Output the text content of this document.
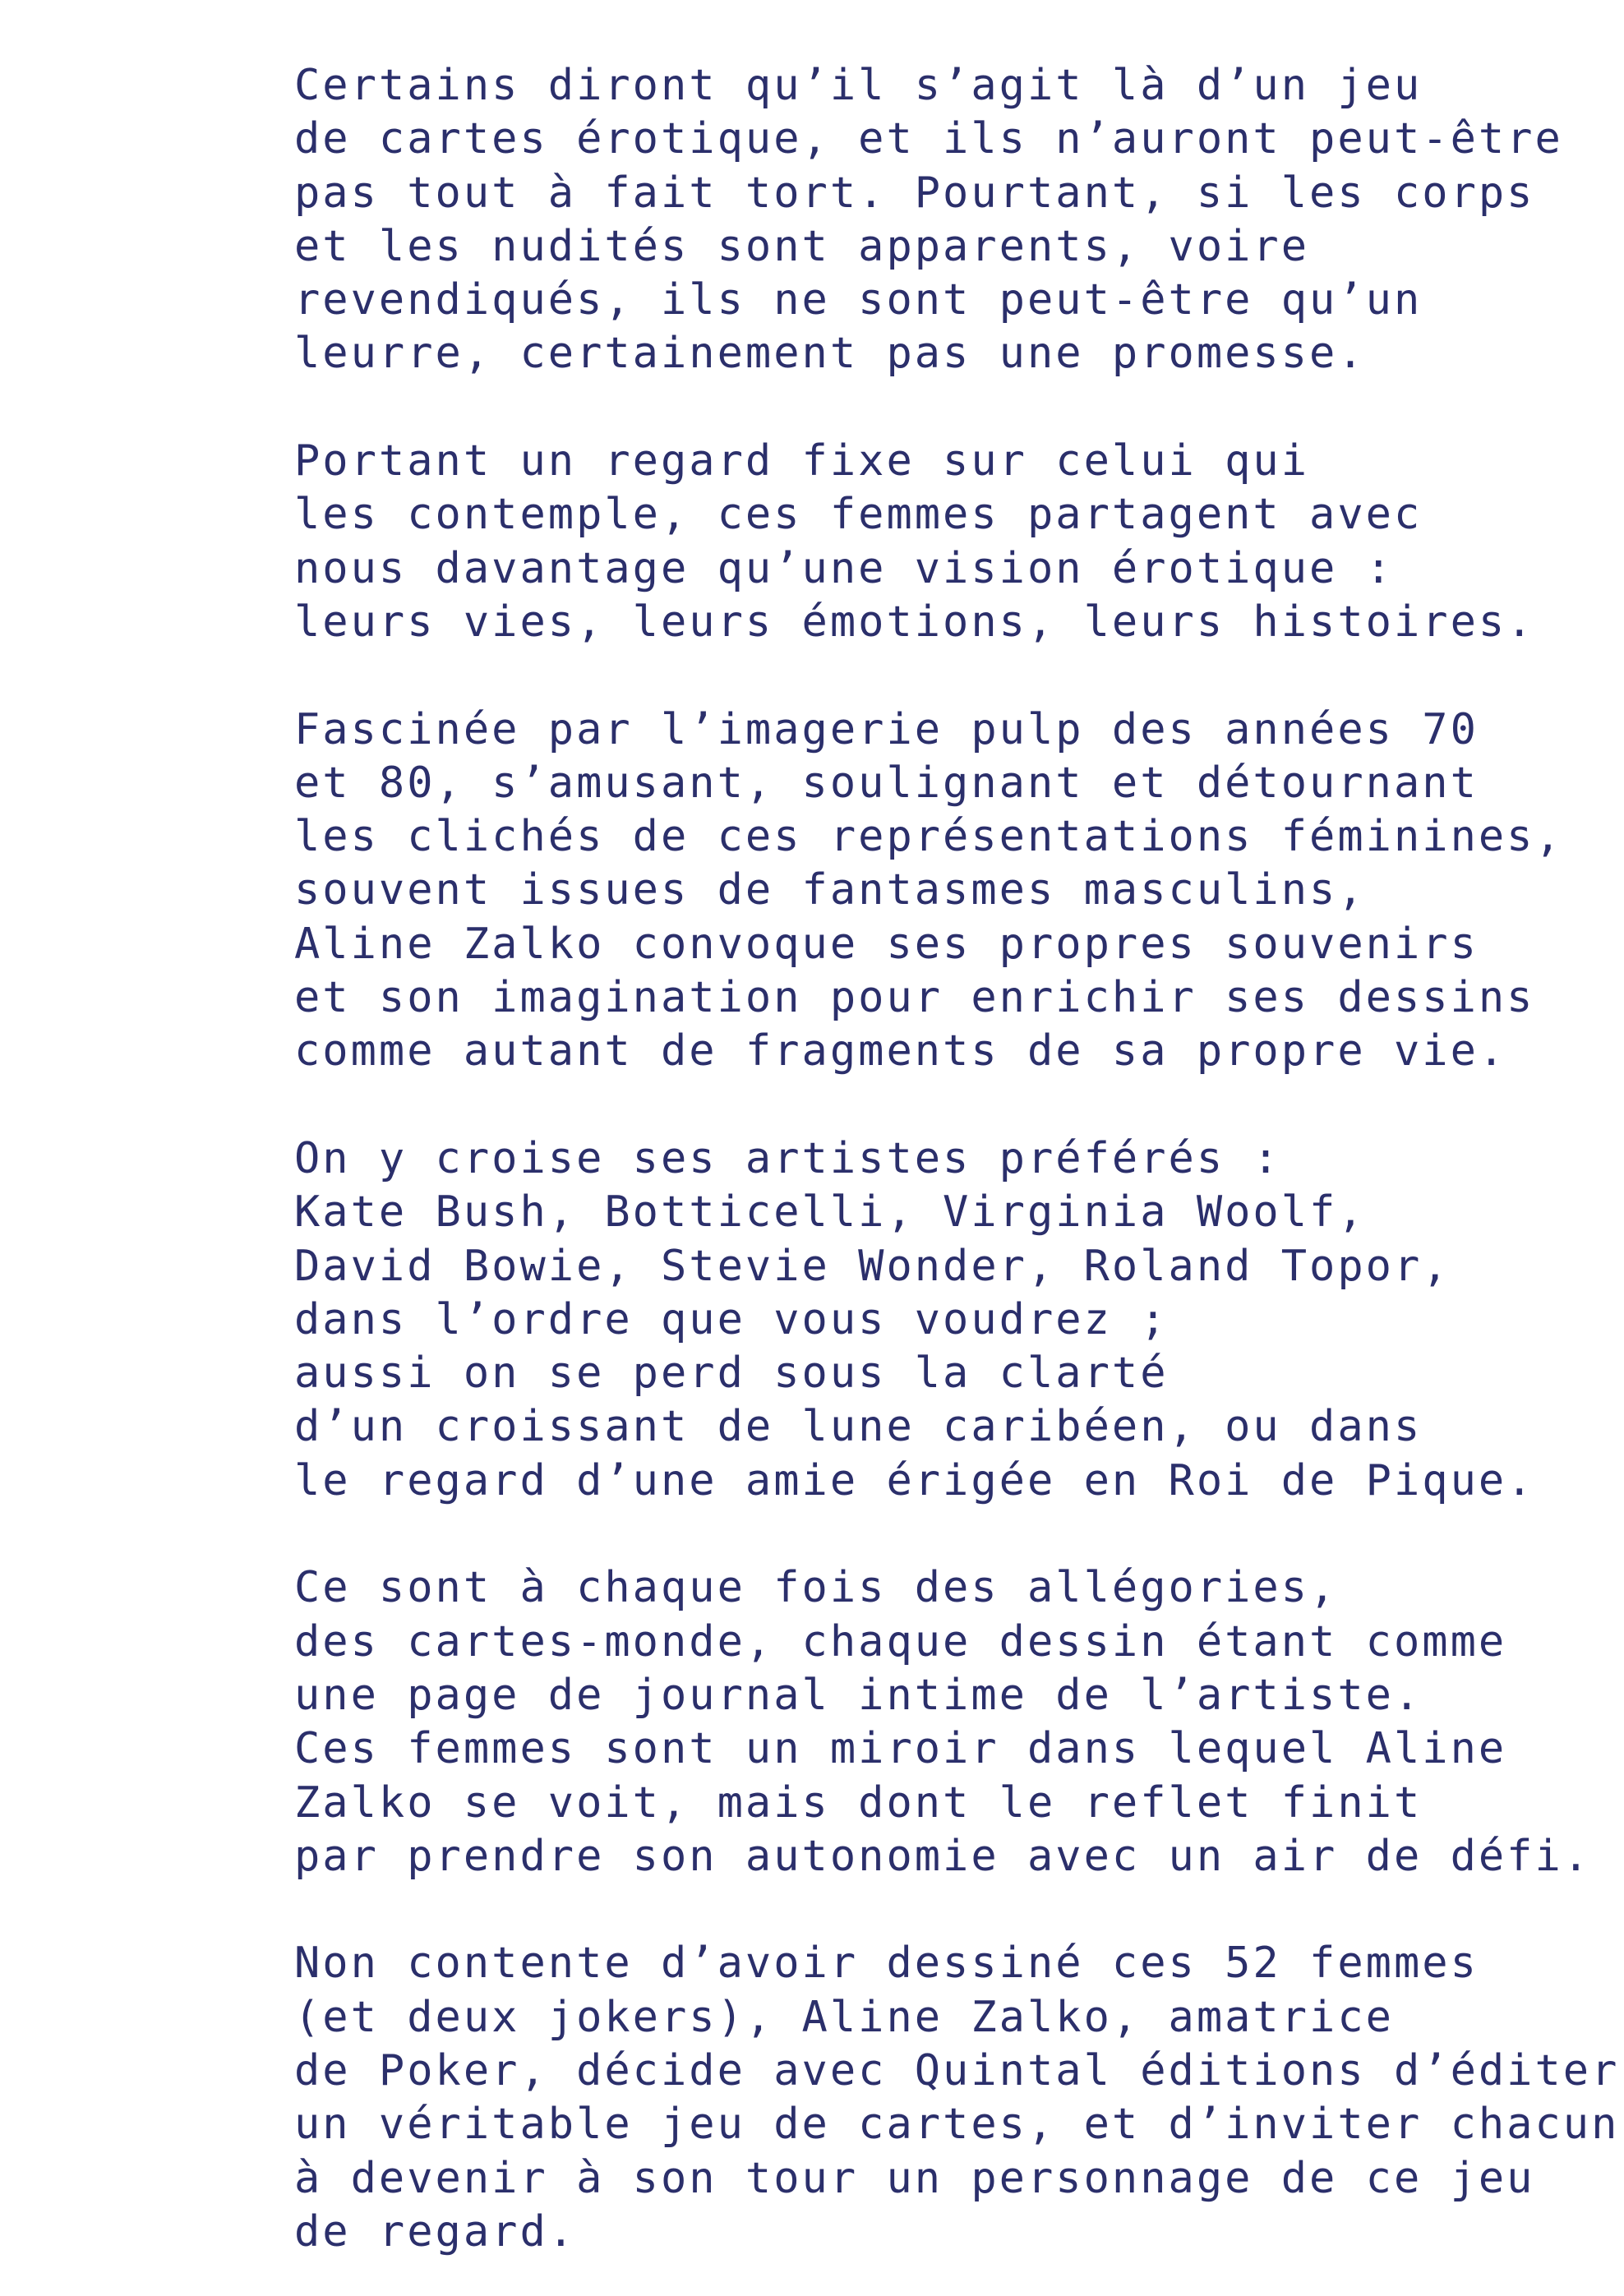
Certains diront qu’il s’agit là d’un jeu
de cartes érotique, et ils n’auront peut-être
pas tout à fait tort. Pourtant, si les corps
et les nudités sont apparents, voire
revendiqués, ils ne sont peut-être qu’un
leurre, certainement pas une promesse.

Portant un regard fixe sur celui qui
les contemple, ces femmes partagent avec
nous davantage qu’une vision érotique :
leurs vies, leurs émotions, leurs histoires.

Fascinée par l’imagerie pulp des années 70
et 80, s’amusant, soulignant et détournant
les clichés de ces représentations féminines,
souvent issues de fantasmes masculins,
Aline Zalko convoque ses propres souvenirs
et son imagination pour enrichir ses dessins
comme autant de fragments de sa propre vie.

On y croise ses artistes préférés :
Kate Bush, Botticelli, Virginia Woolf,
David Bowie, Stevie Wonder, Roland Topor,
dans l’ordre que vous voudrez ;
aussi on se perd sous la clarté
d’un croissant de lune caribéen, ou dans
le regard d’une amie érigée en Roi de Pique.

Ce sont à chaque fois des allégories,
des cartes-monde, chaque dessin étant comme
une page de journal intime de l’artiste.
Ces femmes sont un miroir dans lequel Aline
Zalko se voit, mais dont le reflet finit
par prendre son autonomie avec un air de défi.

Non contente d’avoir dessiné ces 52 femmes
(et deux jokers), Aline Zalko, amatrice
de Poker, décide avec Quintal éditions d’éditer
un véritable jeu de cartes, et d’inviter chacun
à devenir à son tour un personnage de ce jeu
de regard.
